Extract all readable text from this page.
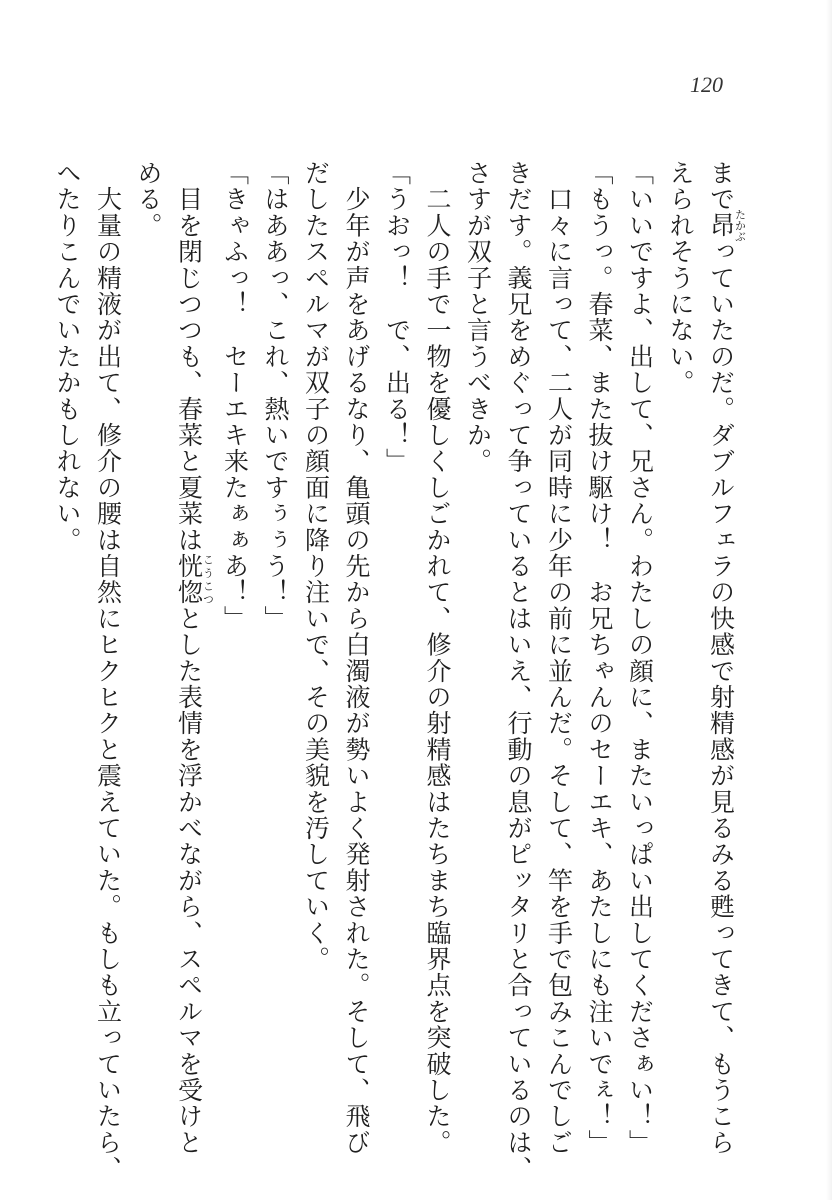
120

まで昂たかぶっていたのだ。ダブルフェラの快感で射精感が見るみる甦ってきて、もうこら

えられそうにない。

「いいですよ、出して、兄さん。わたしの顔に、またいっぱい出してくださぁい！」

「もうっ。春菜、また抜け駆け！　お兄ちゃんのセーエキ、あたしにも注いでぇ！」

　口々に言って、二人が同時に少年の前に並んだ。そして、竿を手で包みこんでしご

きだす。義兄をめぐって争っているとはいえ、行動の息がピッタリと合っているのは、

さすが双子と言うべきか。

　二人の手で一物を優しくしごかれて、修介の射精感はたちまち臨界点を突破した。

「うおっ！　で、出る！」

　少年が声をあげるなり、亀頭の先から白濁液が勢いよく発射された。そして、飛び

だしたスペルマが双子の顔面に降り注いで、その美貌を汚していく。

「はああっ、これ、熱いですぅぅう！」

「きゃふっ！　セーエキ来たぁぁあ！」

　目を閉じつつも、春菜と夏菜は恍惚こうこつとした表情を浮かべながら、スペルマを受けと

める。

　大量の精液が出て、修介の腰は自然にヒクヒクと震えていた。もしも立っていたら、

へたりこんでいたかもしれない。
